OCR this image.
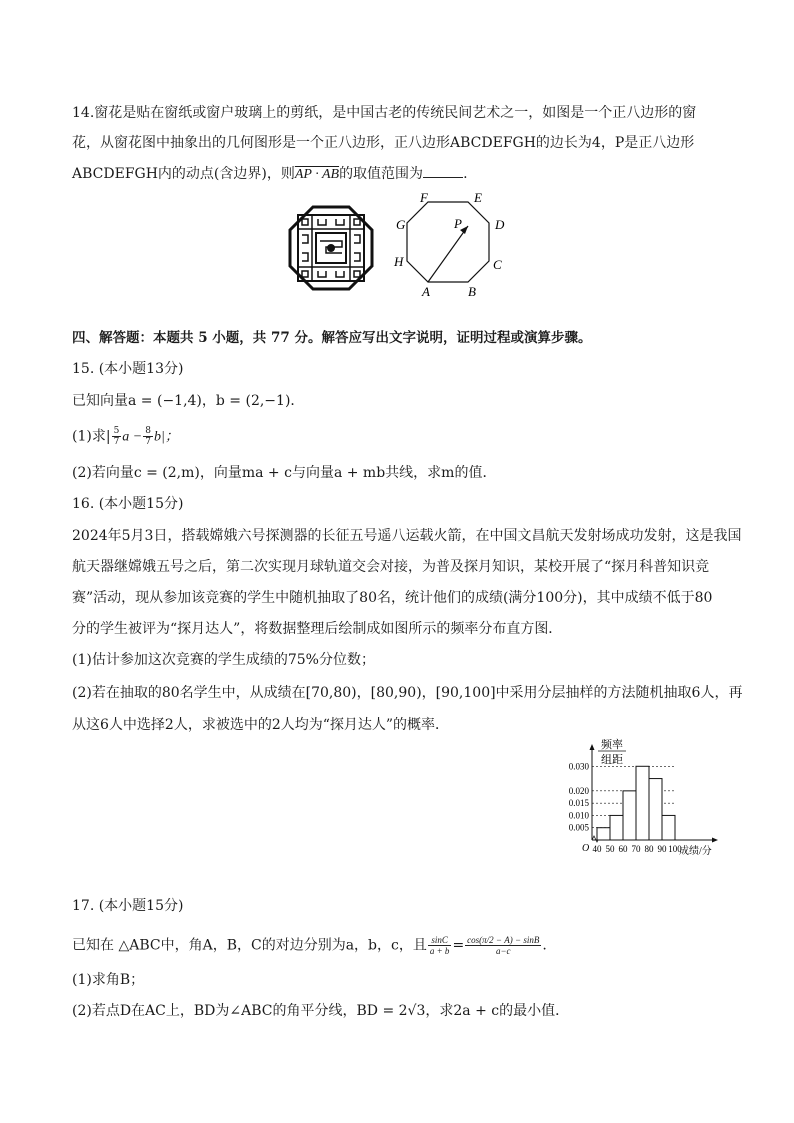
14.窗花是贴在窗纸或窗户玻璃上的剪纸，是中国古老的传统民间艺术之一，如图是一个正八边形的窗
花，从窗花图中抽象出的几何图形是一个正八边形，正八边形ABCDEFGH的边长为4，P是正八边形
ABCDEFGH内的动点(含边界)，则AP · AB的取值范围为	.
A	B
C
D
E
F
G
H
P
四、解答题：本题共 5 小题，共 77 分。解答应写出文字说明，证明过程或演算步骤。
15. (本小题13分)
已知向量a = (−1,4)，b = (2,−1)．
(1)求| $\frac{5}{7}$ $a - \frac{8}{7} b|$；
(2)若向量c = (2,m)，向量ma + c与向量a + mb共线，求m的值．
16. (本小题15分)
2024年5月3日，搭载嫦娥六号探测器的长征五号遥八运载火箭，在中国文昌航天发射场成功发射，这是我国
航天器继嫦娥五号之后，第二次实现月球轨道交会对接，为普及探月知识，某校开展了“探月科普知识竞
赛”活动，现从参加该竞赛的学生中随机抽取了80名，统计他们的成绩(满分100分)，其中成绩不低于80
分的学生被评为“探月达人”，将数据整理后绘制成如图所示的频率分布直方图．
(1)估计参加这次竞赛的学生成绩的75%分位数；
(2)若在抽取的80名学生中，从成绩在[70,80)，[80,90)，[90,100]中采用分层抽样的方法随机抽取6人，再
从这6人中选择2人，求被选中的2人均为“探月达人”的概率．
频率
组距
O	成绩/分
0.005
0.010
0.015
0.020
0.030
40 50 60 70 80 90 100
17. (本小题15分)
已知在 △ABC中，角A，B，C的对边分别为a，b，c，且 $\frac{\sin C}{a + b} = \frac{\cos(\pi/2 - A) - \sin B}{a-c}$ .
(1)求角B；
(2)若点D在AC上，BD为∠ABC的角平分线，BD = 2√3，求2a + c的最小值．
